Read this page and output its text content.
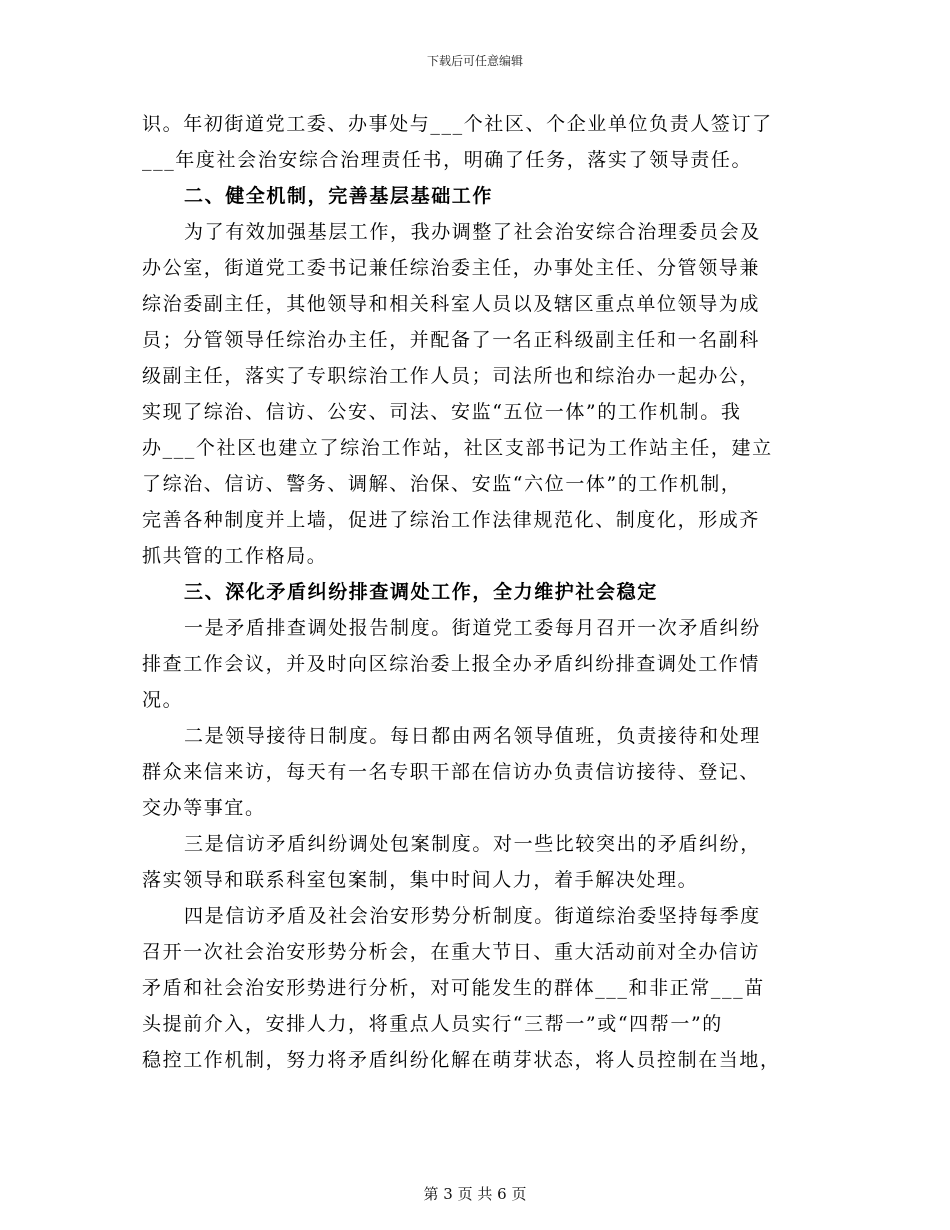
下载后可任意编辑

识。年初街道党工委、办事处与___个社区、个企业单位负责人签订了

___年度社会治安综合治理责任书，明确了任务，落实了领导责任。

二、健全机制，完善基层基础工作

为了有效加强基层工作，我办调整了社会治安综合治理委员会及

办公室，街道党工委书记兼任综治委主任，办事处主任、分管领导兼

综治委副主任，其他领导和相关科室人员以及辖区重点单位领导为成

员；分管领导任综治办主任，并配备了一名正科级副主任和一名副科

级副主任，落实了专职综治工作人员；司法所也和综治办一起办公，

实现了综治、信访、公安、司法、安监“五位一体”的工作机制。我

办___个社区也建立了综治工作站，社区支部书记为工作站主任，建立

了综治、信访、警务、调解、治保、安监“六位一体”的工作机制，

完善各种制度并上墙，促进了综治工作法律规范化、制度化，形成齐

抓共管的工作格局。

三、深化矛盾纠纷排查调处工作，全力维护社会稳定

一是矛盾排查调处报告制度。街道党工委每月召开一次矛盾纠纷

排查工作会议，并及时向区综治委上报全办矛盾纠纷排查调处工作情

况。

二是领导接待日制度。每日都由两名领导值班，负责接待和处理

群众来信来访，每天有一名专职干部在信访办负责信访接待、登记、

交办等事宜。

三是信访矛盾纠纷调处包案制度。对一些比较突出的矛盾纠纷，

落实领导和联系科室包案制，集中时间人力，着手解决处理。

四是信访矛盾及社会治安形势分析制度。街道综治委坚持每季度

召开一次社会治安形势分析会，在重大节日、重大活动前对全办信访

矛盾和社会治安形势进行分析，对可能发生的群体___和非正常___苗

头提前介入，安排人力，将重点人员实行“三帮一”或“四帮一”的

稳控工作机制，努力将矛盾纠纷化解在萌芽状态，将人员控制在当地，

第 3 页 共 6 页
